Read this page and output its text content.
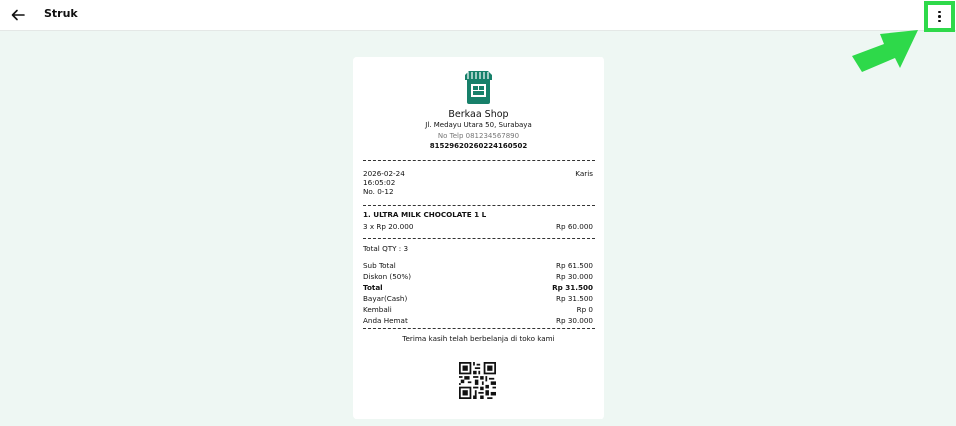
Struk
Berkaa Shop
Jl. Medayu Utara 50, Surabaya
No Telp 081234567890
81529620260224160502
2026-02-24	Karis
16:05:02
No. 0-12
1. ULTRA MILK CHOCOLATE 1 L
3 x Rp 20.000	Rp 60.000
Total QTY : 3
Sub Total	Rp 61.500
Diskon (50%)	Rp 30.000
Total	Rp 31.500
Bayar(Cash)	Rp 31.500
Kembali	Rp 0
Anda Hemat	Rp 30.000
Terima kasih telah berbelanja di toko kami
